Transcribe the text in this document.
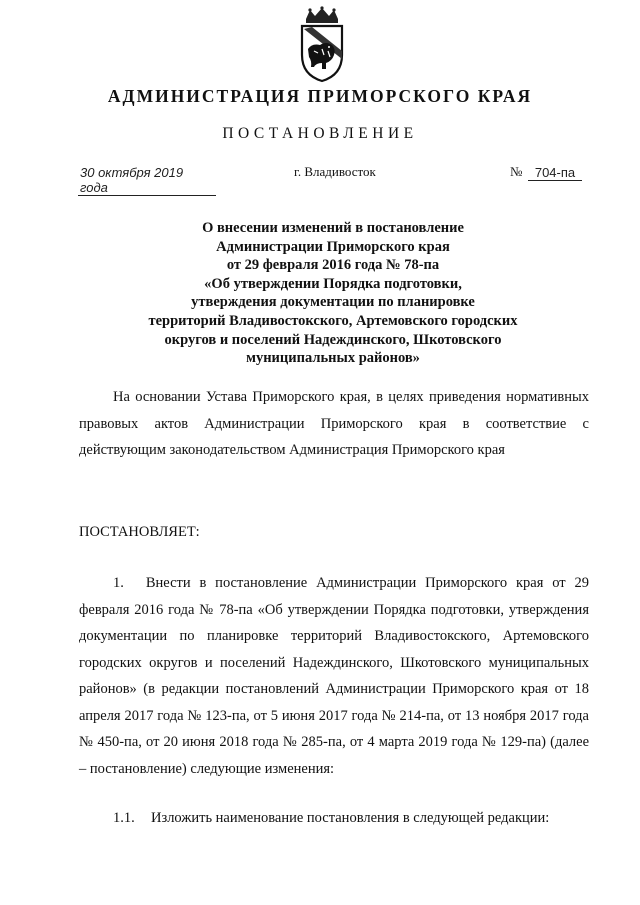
АДМИНИСТРАЦИЯ ПРИМОРСКОГО КРАЯ
ПОСТАНОВЛЕНИЕ
30 октября 2019 года
г. Владивосток	№ 704-па
О внесении изменений в постановление
Администрации Приморского края
от 29 февраля 2016 года № 78-па
«Об утверждении Порядка подготовки,
утверждения документации по планировке
территорий Владивостокского, Артемовского городских
округов и поселений Надеждинского, Шкотовского
муниципальных районов»

На основании Устава Приморского края, в целях приведения нормативных правовых актов Администрации Приморского края в соответствие с действующим законодательством Администрация Приморского края

ПОСТАНОВЛЯЕТ:

1. Внести в постановление Администрации Приморского края от 29 февраля 2016 года № 78-па «Об утверждении Порядка подготовки, утверждения документации по планировке территорий Владивостокского, Артемовского городских округов и поселений Надеждинского, Шкотовского муниципальных районов» (в редакции постановлений Администрации Приморского края от 18 апреля 2017 года № 123-па, от 5 июня 2017 года № 214-па, от 13 ноября 2017 года № 450-па, от 20 июня 2018 года № 285-па, от 4 марта 2019 года № 129-па) (далее – постановление) следующие изменения:

1.1. Изложить наименование постановления в следующей редакции:
